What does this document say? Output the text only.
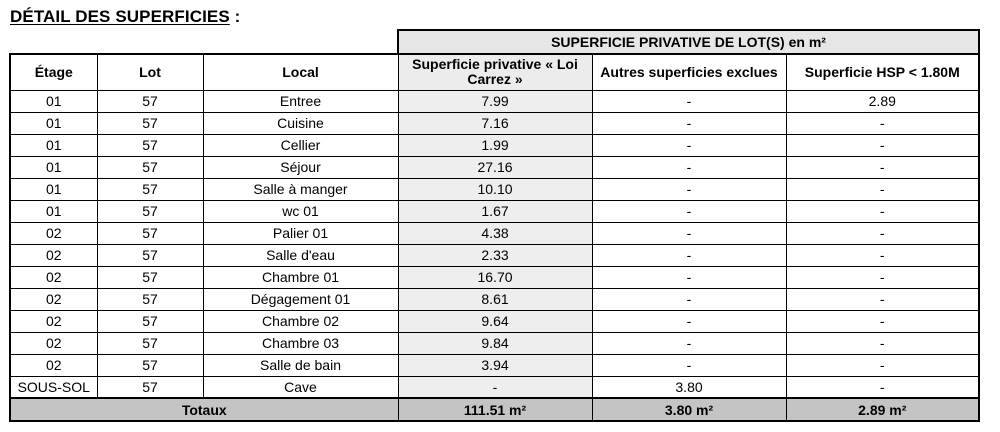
DÉTAIL DES SUPERFICIES :
			SUPERFICIE PRIVATIVE DE LOT(S) en m²		
Étage	Lot	Local	Superficie privative « Loi Carrez »	Autres superficies exclues	Superficie HSP < 1.80M
01	57	Entree	7.99	-	2.89
01	57	Cuisine	7.16	-	-
01	57	Cellier	1.99	-	-
01	57	Séjour	27.16	-	-
01	57	Salle à manger	10.10	-	-
01	57	wc 01	1.67	-	-
02	57	Palier 01	4.38	-	-
02	57	Salle d'eau	2.33	-	-
02	57	Chambre 01	16.70	-	-
02	57	Dégagement 01	8.61	-	-
02	57	Chambre 02	9.64	-	-
02	57	Chambre 03	9.84	-	-
02	57	Salle de bain	3.94	-	-
SOUS-SOL	57	Cave	-	3.80	-
Totaux			111.51 m²	3.80 m²	2.89 m²
